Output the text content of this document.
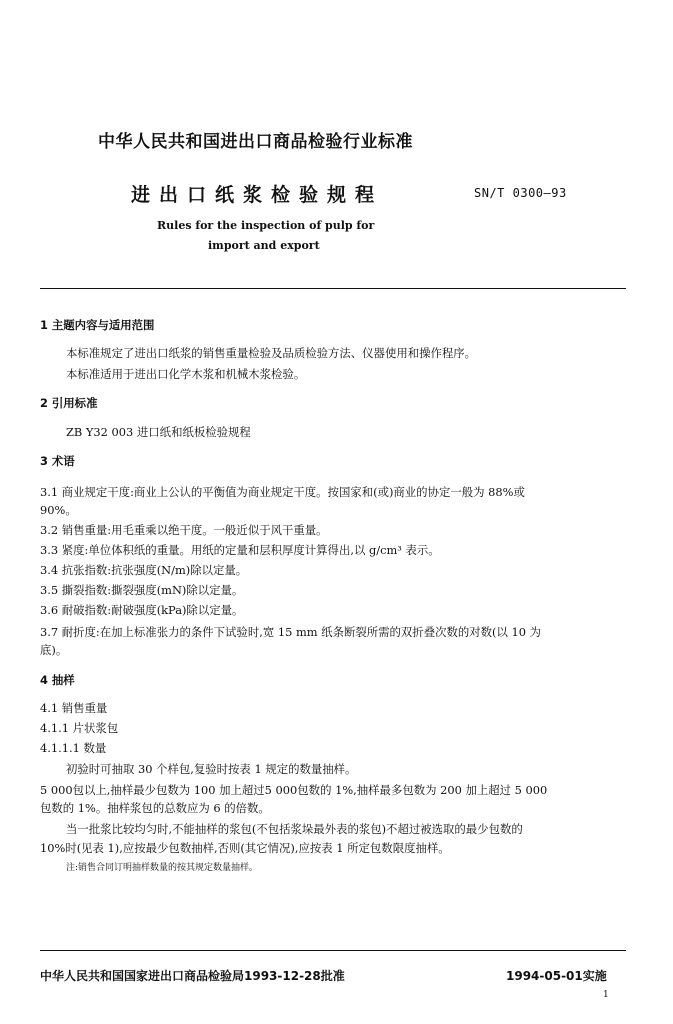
中华人民共和国进出口商品检验行业标准
进出口纸浆检验规程	SN/T 0300—93
Rules for the inspection of pulp for
import and export
1 主题内容与适用范围
本标准规定了进出口纸浆的销售重量检验及品质检验方法、仪器使用和操作程序。
本标准适用于进出口化学木浆和机械木浆检验。
2 引用标准
ZB Y32 003 进口纸和纸板检验规程
3 术语
3.1 商业规定干度:商业上公认的平衡值为商业规定干度。按国家和(或)商业的协定一般为 88%或
90%。
3.2 销售重量:用毛重乘以绝干度。一般近似于风干重量。
3.3 紧度:单位体积纸的重量。用纸的定量和层积厚度计算得出,以 g/cm³ 表示。
3.4 抗张指数:抗张强度(N/m)除以定量。
3.5 撕裂指数:撕裂强度(mN)除以定量。
3.6 耐破指数:耐破强度(kPa)除以定量。
3.7 耐折度:在加上标准张力的条件下试验时,宽 15 mm 纸条断裂所需的双折叠次数的对数(以 10 为
底)。
4 抽样
4.1 销售重量
4.1.1 片状浆包
4.1.1.1 数量
初验时可抽取 30 个样包,复验时按表 1 规定的数量抽样。
5 000包以上,抽样最少包数为 100 加上超过5 000包数的 1%,抽样最多包数为 200 加上超过 5 000
包数的 1%。抽样浆包的总数应为 6 的倍数。
当一批浆比较均匀时,不能抽样的浆包(不包括浆垛最外表的浆包)不超过被选取的最少包数的
10%时(见表 1),应按最少包数抽样,否则(其它情况),应按表 1 所定包数限度抽样。
注:销售合同订明抽样数量的按其规定数量抽样。
中华人民共和国国家进出口商品检验局1993-12-28批准	1994-05-01实施
1
